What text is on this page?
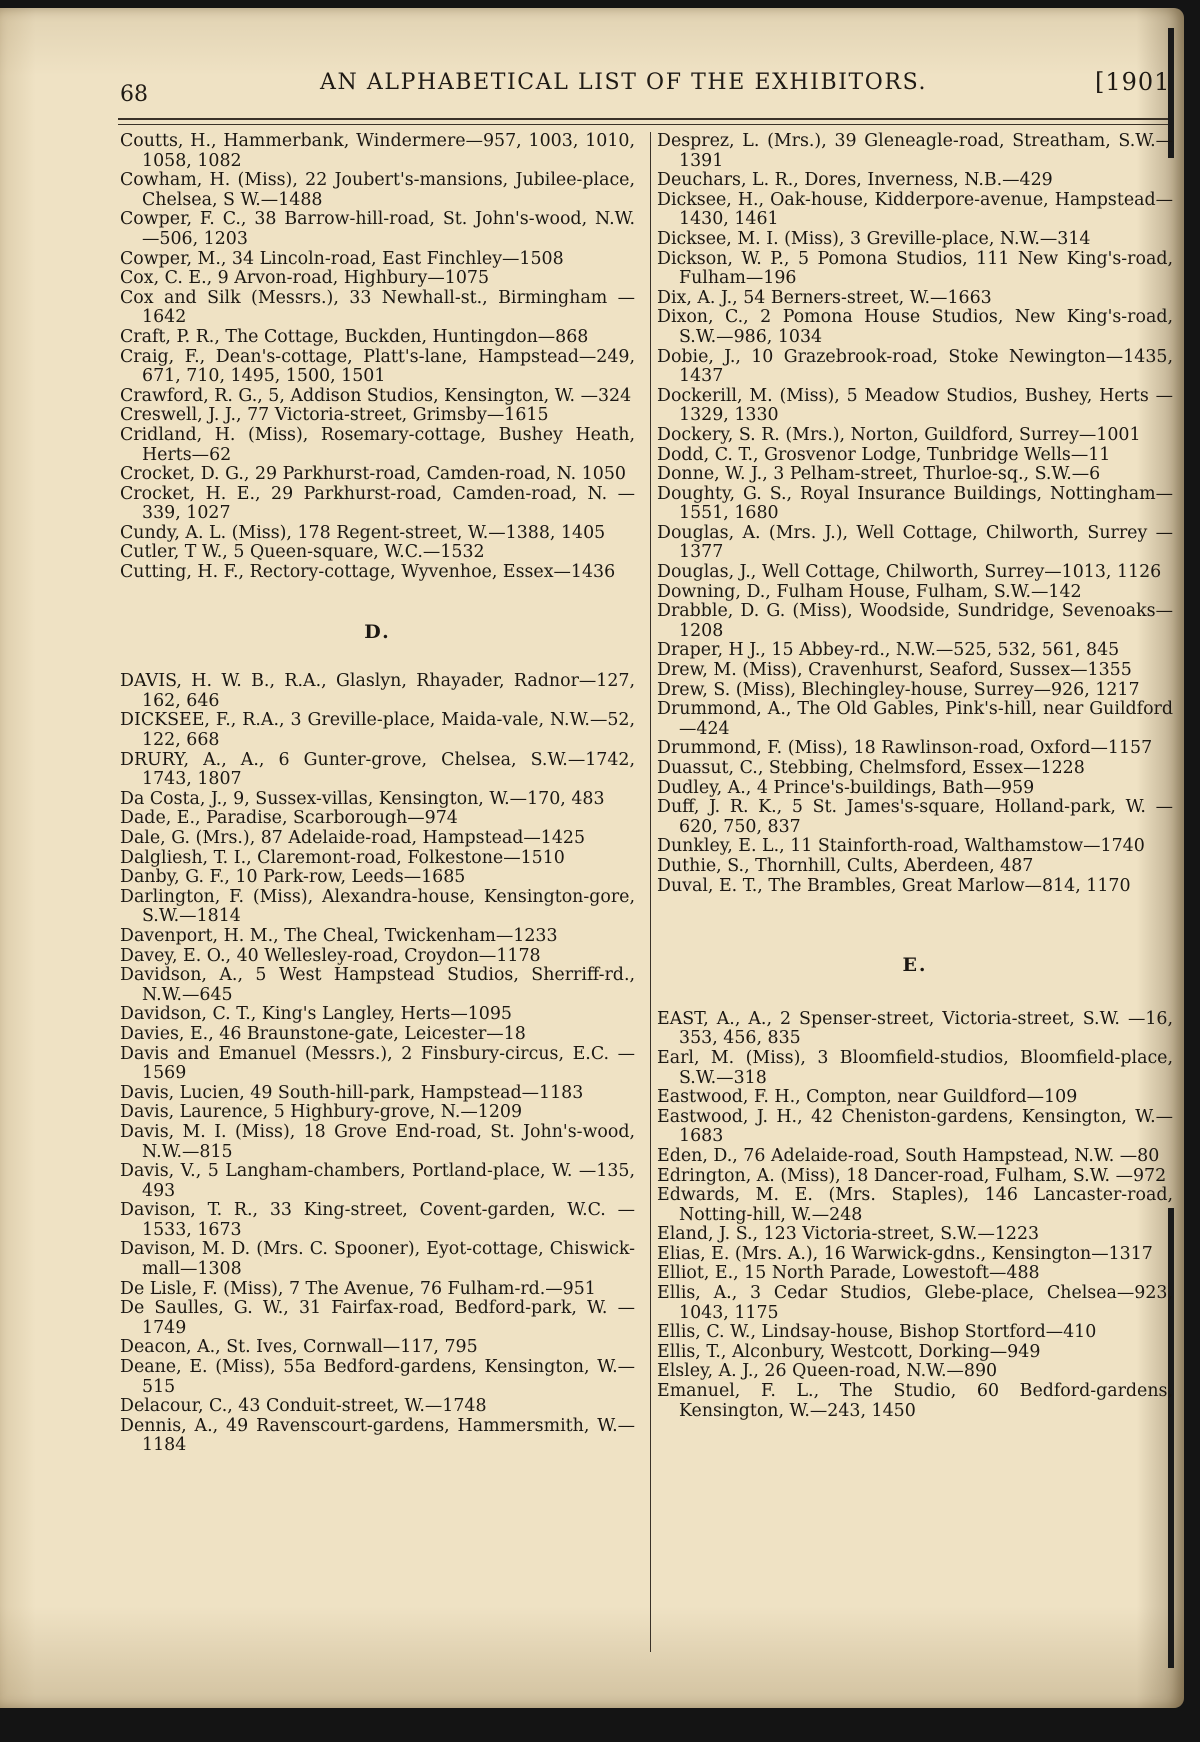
68	AN ALPHABETICAL LIST OF THE EXHIBITORS.	[1901

Coutts, H., Hammerbank, Windermere—957, 1003, 1010, 1058, 1082

Cowham, H. (Miss), 22 Joubert's-mansions, Jubilee-place, Chelsea, S W.—1488

Cowper, F. C., 38 Barrow-hill-road, St. John's-wood, N.W.—506, 1203

Cowper, M., 34 Lincoln-road, East Finchley—1508

Cox, C. E., 9 Arvon-road, Highbury—1075

Cox and Silk (Messrs.), 33 Newhall-st., Birmingham —1642

Craft, P. R., The Cottage, Buckden, Huntingdon—868

Craig, F., Dean's-cottage, Platt's-lane, Hampstead—249, 671, 710, 1495, 1500, 1501

Crawford, R. G., 5, Addison Studios, Kensington, W. —324

Creswell, J. J., 77 Victoria-street, Grimsby—1615

Cridland, H. (Miss), Rosemary-cottage, Bushey Heath, Herts—62

Crocket, D. G., 29 Parkhurst-road, Camden-road, N. 1050

Crocket, H. E., 29 Parkhurst-road, Camden-road, N. —339, 1027

Cundy, A. L. (Miss), 178 Regent-street, W.—1388, 1405

Cutler, T W., 5 Queen-square, W.C.—1532

Cutting, H. F., Rectory-cottage, Wyvenhoe, Essex—1436

D.

DAVIS, H. W. B., R.A., Glaslyn, Rhayader, Radnor—127, 162, 646

DICKSEE, F., R.A., 3 Greville-place, Maida-vale, N.W.—52, 122, 668

DRURY, A., A., 6 Gunter-grove, Chelsea, S.W.—1742, 1743, 1807

Da Costa, J., 9, Sussex-villas, Kensington, W.—170, 483

Dade, E., Paradise, Scarborough—974

Dale, G. (Mrs.), 87 Adelaide-road, Hampstead—1425

Dalgliesh, T. I., Claremont-road, Folkestone—1510

Danby, G. F., 10 Park-row, Leeds—1685

Darlington, F. (Miss), Alexandra-house, Kensington-gore, S.W.—1814

Davenport, H. M., The Cheal, Twickenham—1233

Davey, E. O., 40 Wellesley-road, Croydon—1178

Davidson, A., 5 West Hampstead Studios, Sherriff-rd., N.W.—645

Davidson, C. T., King's Langley, Herts—1095

Davies, E., 46 Braunstone-gate, Leicester—18

Davis and Emanuel (Messrs.), 2 Finsbury-circus, E.C. —1569

Davis, Lucien, 49 South-hill-park, Hampstead—1183

Davis, Laurence, 5 Highbury-grove, N.—1209

Davis, M. I. (Miss), 18 Grove End-road, St. John's-wood, N.W.—815

Davis, V., 5 Langham-chambers, Portland-place, W. —135, 493

Davison, T. R., 33 King-street, Covent-garden, W.C. —1533, 1673

Davison, M. D. (Mrs. C. Spooner), Eyot-cottage, Chiswick-mall—1308

De Lisle, F. (Miss), 7 The Avenue, 76 Fulham-rd.—951

De Saulles, G. W., 31 Fairfax-road, Bedford-park, W. —1749

Deacon, A., St. Ives, Cornwall—117, 795

Deane, E. (Miss), 55a Bedford-gardens, Kensington, W.—515

Delacour, C., 43 Conduit-street, W.—1748

Dennis, A., 49 Ravenscourt-gardens, Hammersmith, W.—1184

Desprez, L. (Mrs.), 39 Gleneagle-road, Streatham, S.W.—1391

Deuchars, L. R., Dores, Inverness, N.B.—429

Dicksee, H., Oak-house, Kidderpore-avenue, Hampstead—1430, 1461

Dicksee, M. I. (Miss), 3 Greville-place, N.W.—314

Dickson, W. P., 5 Pomona Studios, 111 New King's-road, Fulham—196

Dix, A. J., 54 Berners-street, W.—1663

Dixon, C., 2 Pomona House Studios, New King's-road, S.W.—986, 1034

Dobie, J., 10 Grazebrook-road, Stoke Newington—1435, 1437

Dockerill, M. (Miss), 5 Meadow Studios, Bushey, Herts —1329, 1330

Dockery, S. R. (Mrs.), Norton, Guildford, Surrey—1001

Dodd, C. T., Grosvenor Lodge, Tunbridge Wells—11

Donne, W. J., 3 Pelham-street, Thurloe-sq., S.W.—6

Doughty, G. S., Royal Insurance Buildings, Nottingham—1551, 1680

Douglas, A. (Mrs. J.), Well Cottage, Chilworth, Surrey —1377

Douglas, J., Well Cottage, Chilworth, Surrey—1013, 1126

Downing, D., Fulham House, Fulham, S.W.—142

Drabble, D. G. (Miss), Woodside, Sundridge, Sevenoaks—1208

Draper, H J., 15 Abbey-rd., N.W.—525, 532, 561, 845

Drew, M. (Miss), Cravenhurst, Seaford, Sussex—1355

Drew, S. (Miss), Blechingley-house, Surrey—926, 1217

Drummond, A., The Old Gables, Pink's-hill, near Guildford—424

Drummond, F. (Miss), 18 Rawlinson-road, Oxford—1157

Duassut, C., Stebbing, Chelmsford, Essex—1228

Dudley, A., 4 Prince's-buildings, Bath—959

Duff, J. R. K., 5 St. James's-square, Holland-park, W. —620, 750, 837

Dunkley, E. L., 11 Stainforth-road, Walthamstow—1740

Duthie, S., Thornhill, Cults, Aberdeen, 487

Duval, E. T., The Brambles, Great Marlow—814, 1170

E.

EAST, A., A., 2 Spenser-street, Victoria-street, S.W. —16, 353, 456, 835

Earl, M. (Miss), 3 Bloomfield-studios, Bloomfield-place, S.W.—318

Eastwood, F. H., Compton, near Guildford—109

Eastwood, J. H., 42 Cheniston-gardens, Kensington, W.—1683

Eden, D., 76 Adelaide-road, South Hampstead, N.W. —80

Edrington, A. (Miss), 18 Dancer-road, Fulham, S.W. —972

Edwards, M. E. (Mrs. Staples), 146 Lancaster-road, Notting-hill, W.—248

Eland, J. S., 123 Victoria-street, S.W.—1223

Elias, E. (Mrs. A.), 16 Warwick-gdns., Kensington—1317

Elliot, E., 15 North Parade, Lowestoft—488

Ellis, A., 3 Cedar Studios, Glebe-place, Chelsea—923, 1043, 1175

Ellis, C. W., Lindsay-house, Bishop Stortford—410

Ellis, T., Alconbury, Westcott, Dorking—949

Elsley, A. J., 26 Queen-road, N.W.—890

Emanuel, F. L., The Studio, 60 Bedford-gardens, Kensington, W.—243, 1450
